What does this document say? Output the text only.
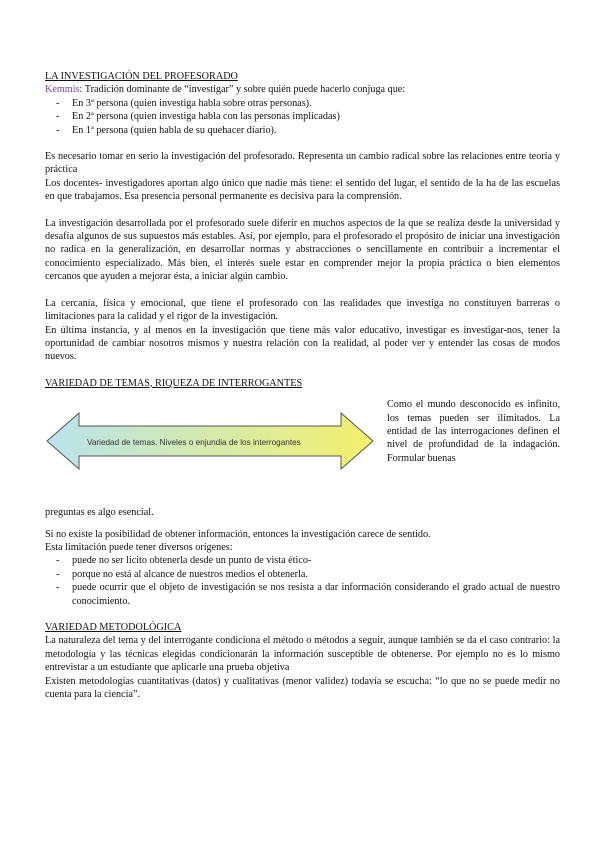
LA INVESTIGACIÓN DEL PROFESORADO

Kemmis: Tradición dominante de “investigar” y sobre quién puede hacerlo conjuga que:

- En 3ª persona (quien investiga habla sobre otras personas).
- En 2ª persona (quien investiga habla con las personas implicadas)
- En 1ª persona (quien habla de su quehacer diario).

Es necesario tomar en serio la investigación del profesorado. Representa un cambio radical sobre las relaciones entre teoría y práctica

Los docentes- investigadores aportan algo único que nadie más tiene: el sentido del lugar, el sentido de la ha de las escuelas en que trabajamos. Esa presencia personal permanente es decisiva para la comprensión.

La investigación desarrollada por el profesorado suele diferir en muchos aspectos de la que se realiza desde la universidad y desafía algunos de sus supuestos más estables. Así, por ejemplo, para el profesorado el propósito de iniciar una investigación no radica en la generalización, en desarrollar normas y abstracciones o sencillamente en contribuir a incrementar el conocimiento especializado. Más bien, el interés suele estar en comprender mejor la propia práctica o bien elementos cercanos que ayuden a mejorar ésta, a iniciar algún cambio.

La cercanía, física y emocional, que tiene el profesorado con las realidades que investiga no constituyen barreras o limitaciones para la calidad y el rigor de la investigación.

En última instancia, y al menos en la investigación que tiene más valor educativo, investigar es investigar-nos, tener la oportunidad de cambiar nosotros mismos y nuestra relación con la realidad, al poder ver y entender las cosas de modos nuevos.

VARIEDAD DE TEMAS, RIQUEZA DE INTERROGANTES

Variedad de temas. Niveles o enjundia de los interrogantes

Como el mundo desconocido es infinito, los temas pueden ser ilimitados. La entidad de las interrogaciones definen el nivel de profundidad de la indagación. Formular buenas

preguntas es algo esencial.

Si no existe la posibilidad de obtener información, entonces la investigación carece de sentido.

Esta limitación puede tener diversos orígenes:

- puede no ser lícito obtenerla desde un punto de vista ético-
- porque no está al alcance de nuestros medios el obtenerla.
- puede ocurrir que el objeto de investigación se nos resista a dar información considerando el grado actual de nuestro conocimiento.

VARIEDAD METODOLÓGICA

La naturaleza del tema y del interrogante condiciona el método o métodos a seguir, aunque también se da el caso contrario: la metodología y las técnicas elegidas condicionarán la información susceptible de obtenerse. Por ejemplo no es lo mismo entrevistar a un estudiante que aplicarle una prueba objetiva

Existen metodologías cuantitativas (datos) y cualitativas (menor validez) todavía se escucha: “lo que no se puede medir no cuenta para la ciencia”.
